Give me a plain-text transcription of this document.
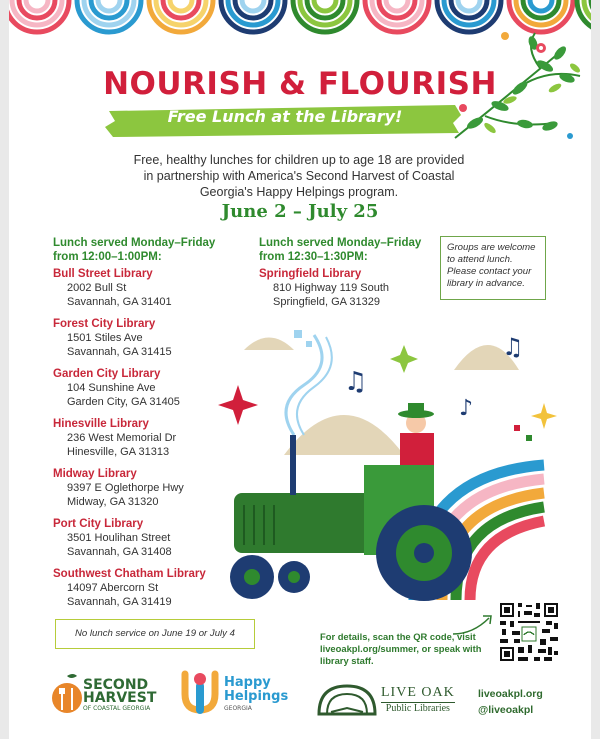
NOURISH & FLOURISH
Free Lunch at the Library!
Free, healthy lunches for children up to age 18 are provided in partnership with America's Second Harvest of Coastal Georgia's Happy Helpings program.
June 2 – July 25
Lunch served Monday–Friday
from 12:00–1:00PM:
Bull Street Library
2002 Bull St
Savannah, GA 31401
Forest City Library
1501 Stiles Ave
Savannah, GA 31415
Garden City Library
104 Sunshine Ave
Garden City, GA 31405
Hinesville Library
236 West Memorial Dr
Hinesville, GA 31313
Midway Library
9397 E Oglethorpe Hwy
Midway, GA 31320
Port City Library
3501 Houlihan Street
Savannah, GA 31408
Southwest Chatham Library
14097 Abercorn St
Savannah, GA 31419
Lunch served Monday–Friday
from 12:30–1:30PM:
Springfield Library
810 Highway 119 South
Springfield, GA 31329
Groups are welcome to attend lunch. Please contact your library in advance.
♫
♫
♪
No lunch service on June 19 or July 4	For details, scan the QR code, visit liveoakpl.org/summer, or speak with library staff.
SECOND
HARVEST
OF COASTAL GEORGIA
Happy
Helpings
GEORGIA
LIVE OAK
Public Libraries
liveoakpl.org
@liveoakpl
